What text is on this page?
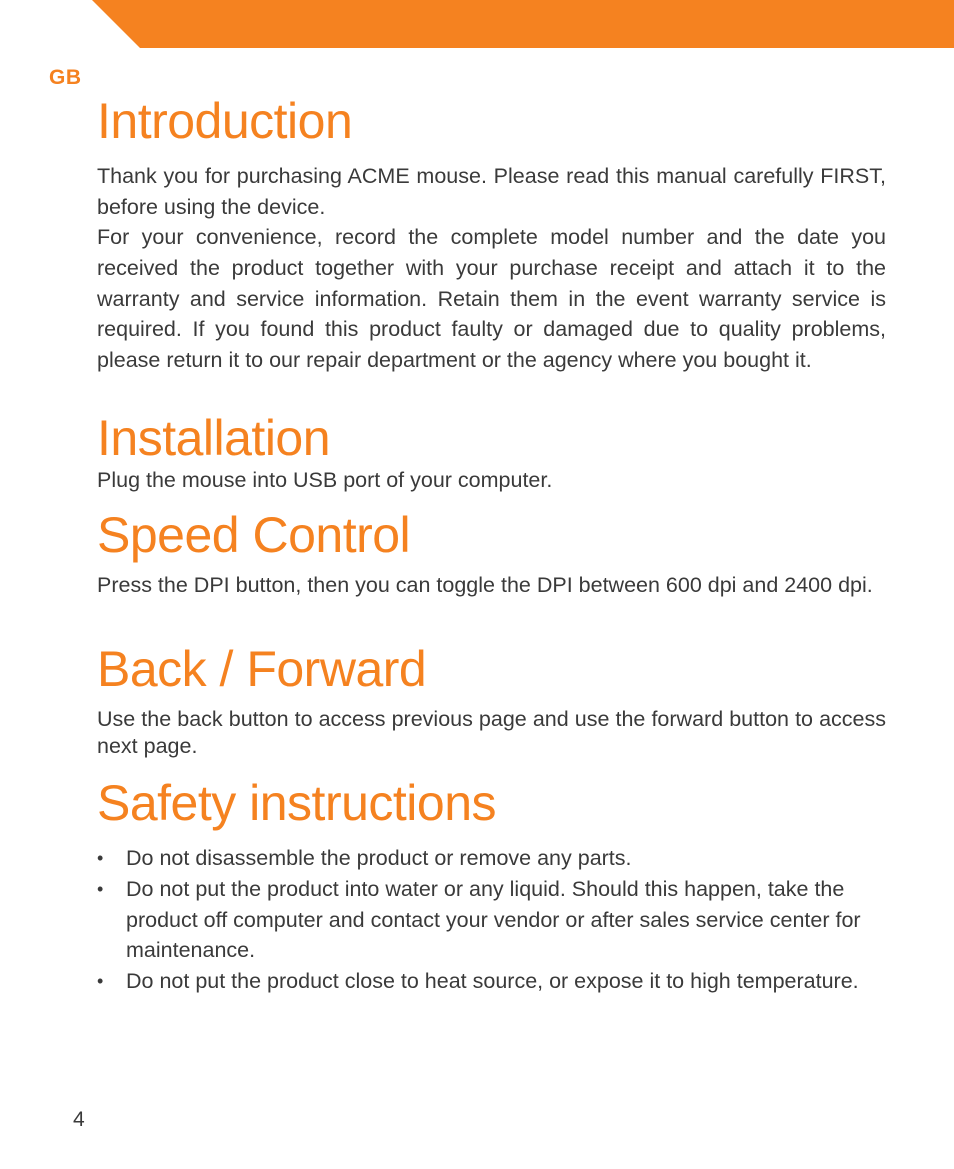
GB
Introduction

Thank you for purchasing ACME mouse. Please read this manual carefully FIRST, before using the device.

For your convenience, record the complete model number and the date you received the product together with your purchase receipt and attach it to the warranty and service information. Retain them in the event warranty service is required. If you found this product faulty or damaged due to quality problems, please return it to our repair department or the agency where you bought it.

Installation

Plug the mouse into USB port of your computer.

Speed Control

Press the DPI button, then you can toggle the DPI between 600 dpi and 2400 dpi.

Back / Forward

Use the back button to access previous page and use the forward button to access next page.

Safety instructions
• Do not disassemble the product or remove any parts.
• Do not put the product into water or any liquid. Should this happen, take the product off computer and contact your vendor or after sales service center for maintenance.
• Do not put the product close to heat source, or expose it to high temperature.
4
